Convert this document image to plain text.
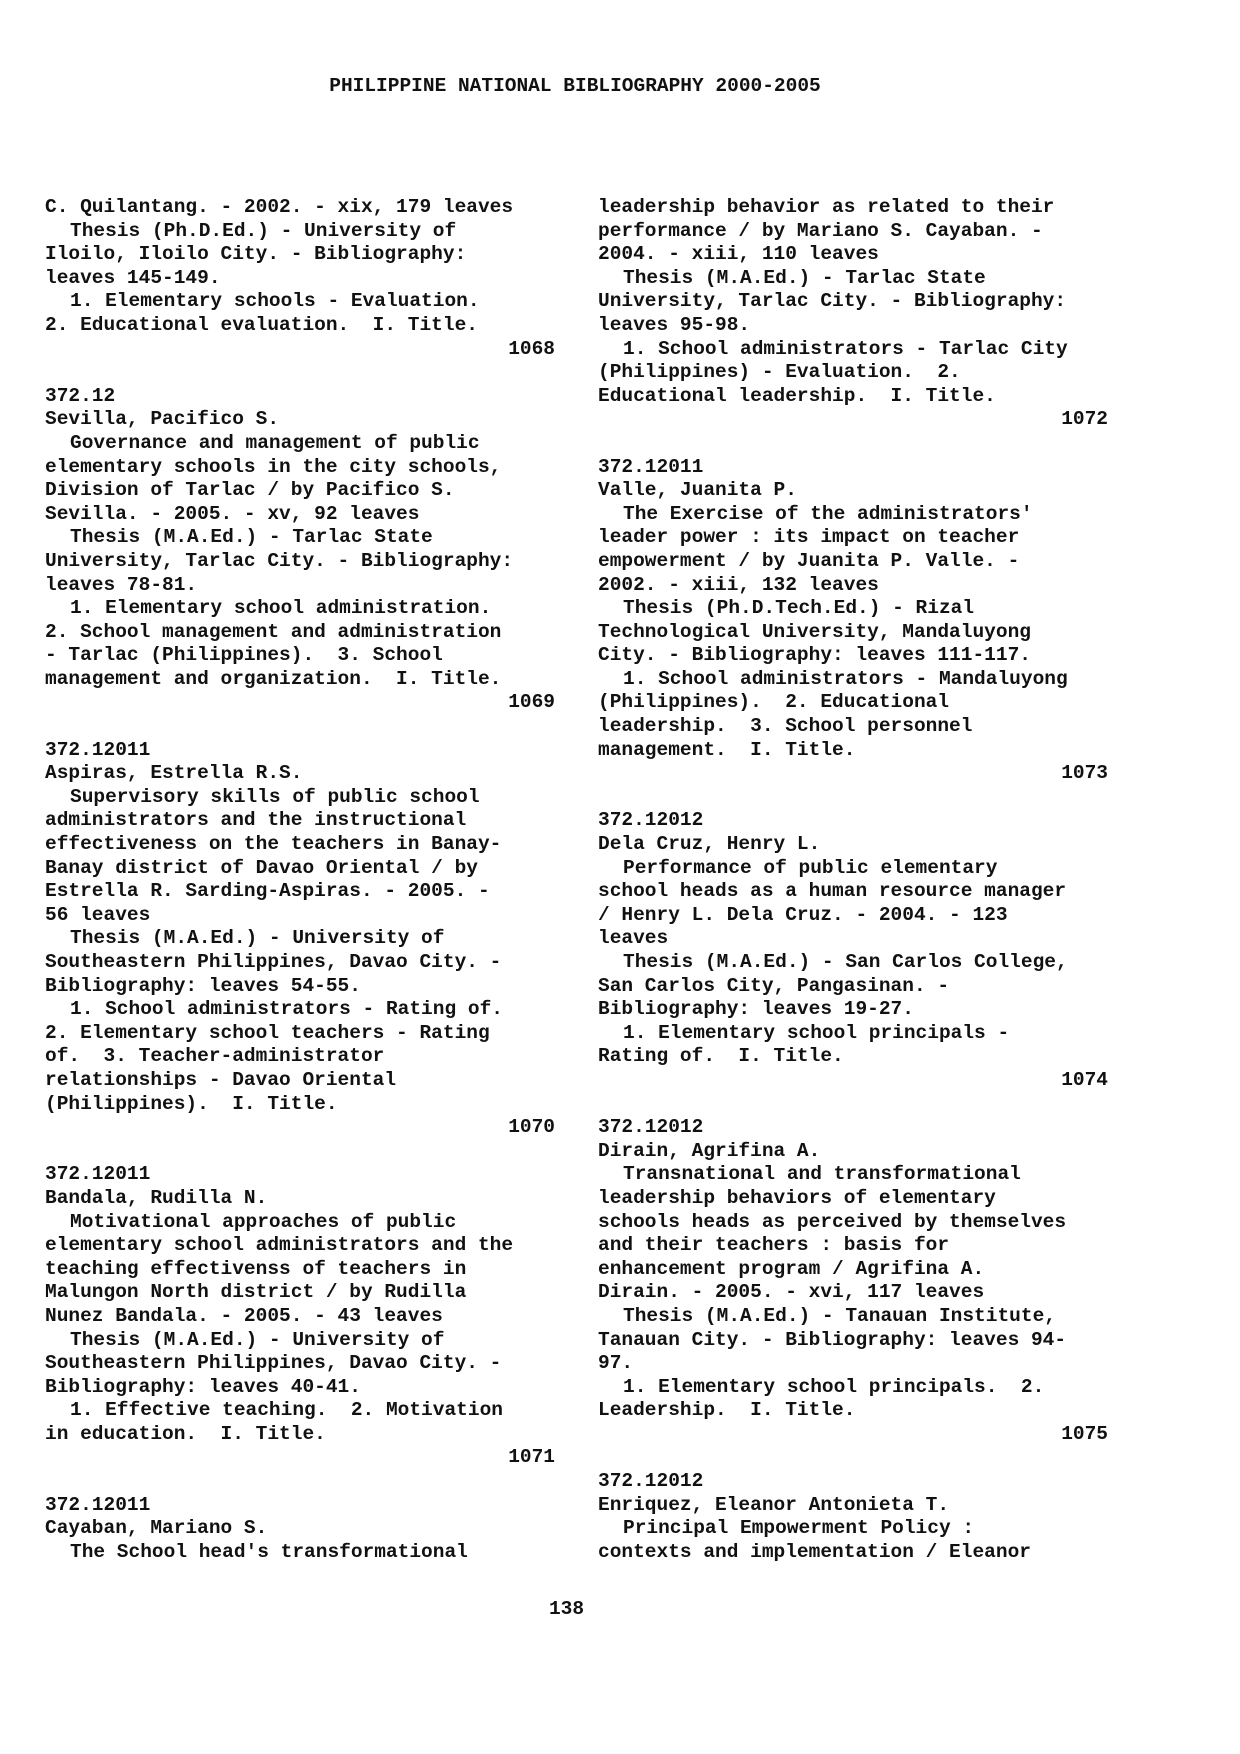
PHILIPPINE NATIONAL BIBLIOGRAPHY 2000-2005
C. Quilantang. - 2002. - xix, 179 leaves
Thesis (Ph.D.Ed.) - University of
Iloilo, Iloilo City. - Bibliography:
leaves 145-149.
1. Elementary schools - Evaluation.
2. Educational evaluation.  I. Title.
1068
372.12
Sevilla, Pacifico S.
Governance and management of public
elementary schools in the city schools,
Division of Tarlac / by Pacifico S.
Sevilla. - 2005. - xv, 92 leaves
Thesis (M.A.Ed.) - Tarlac State
University, Tarlac City. - Bibliography:
leaves 78-81.
1. Elementary school administration.
2. School management and administration
- Tarlac (Philippines).  3. School
management and organization.  I. Title.
1069
372.12011
Aspiras, Estrella R.S.
Supervisory skills of public school
administrators and the instructional
effectiveness on the teachers in Banay-
Banay district of Davao Oriental / by
Estrella R. Sarding-Aspiras. - 2005. -
56 leaves
Thesis (M.A.Ed.) - University of
Southeastern Philippines, Davao City. -
Bibliography: leaves 54-55.
1. School administrators - Rating of.
2. Elementary school teachers - Rating
of.  3. Teacher-administrator
relationships - Davao Oriental
(Philippines).  I. Title.
1070
372.12011
Bandala, Rudilla N.
Motivational approaches of public
elementary school administrators and the
teaching effectivenss of teachers in
Malungon North district / by Rudilla
Nunez Bandala. - 2005. - 43 leaves
Thesis (M.A.Ed.) - University of
Southeastern Philippines, Davao City. -
Bibliography: leaves 40-41.
1. Effective teaching.  2. Motivation
in education.  I. Title.
1071
372.12011
Cayaban, Mariano S.
The School head's transformational
leadership behavior as related to their
performance / by Mariano S. Cayaban. -
2004. - xiii, 110 leaves
Thesis (M.A.Ed.) - Tarlac State
University, Tarlac City. - Bibliography:
leaves 95-98.
1. School administrators - Tarlac City
(Philippines) - Evaluation.  2.
Educational leadership.  I. Title.
1072
372.12011
Valle, Juanita P.
The Exercise of the administrators'
leader power : its impact on teacher
empowerment / by Juanita P. Valle. -
2002. - xiii, 132 leaves
Thesis (Ph.D.Tech.Ed.) - Rizal
Technological University, Mandaluyong
City. - Bibliography: leaves 111-117.
1. School administrators - Mandaluyong
(Philippines).  2. Educational
leadership.  3. School personnel
management.  I. Title.
1073
372.12012
Dela Cruz, Henry L.
Performance of public elementary
school heads as a human resource manager
/ Henry L. Dela Cruz. - 2004. - 123
leaves
Thesis (M.A.Ed.) - San Carlos College,
San Carlos City, Pangasinan. -
Bibliography: leaves 19-27.
1. Elementary school principals -
Rating of.  I. Title.
1074
372.12012
Dirain, Agrifina A.
Transnational and transformational
leadership behaviors of elementary
schools heads as perceived by themselves
and their teachers : basis for
enhancement program / Agrifina A.
Dirain. - 2005. - xvi, 117 leaves
Thesis (M.A.Ed.) - Tanauan Institute,
Tanauan City. - Bibliography: leaves 94-
97.
1. Elementary school principals.  2.
Leadership.  I. Title.
1075
372.12012
Enriquez, Eleanor Antonieta T.
Principal Empowerment Policy :
contexts and implementation / Eleanor
138
